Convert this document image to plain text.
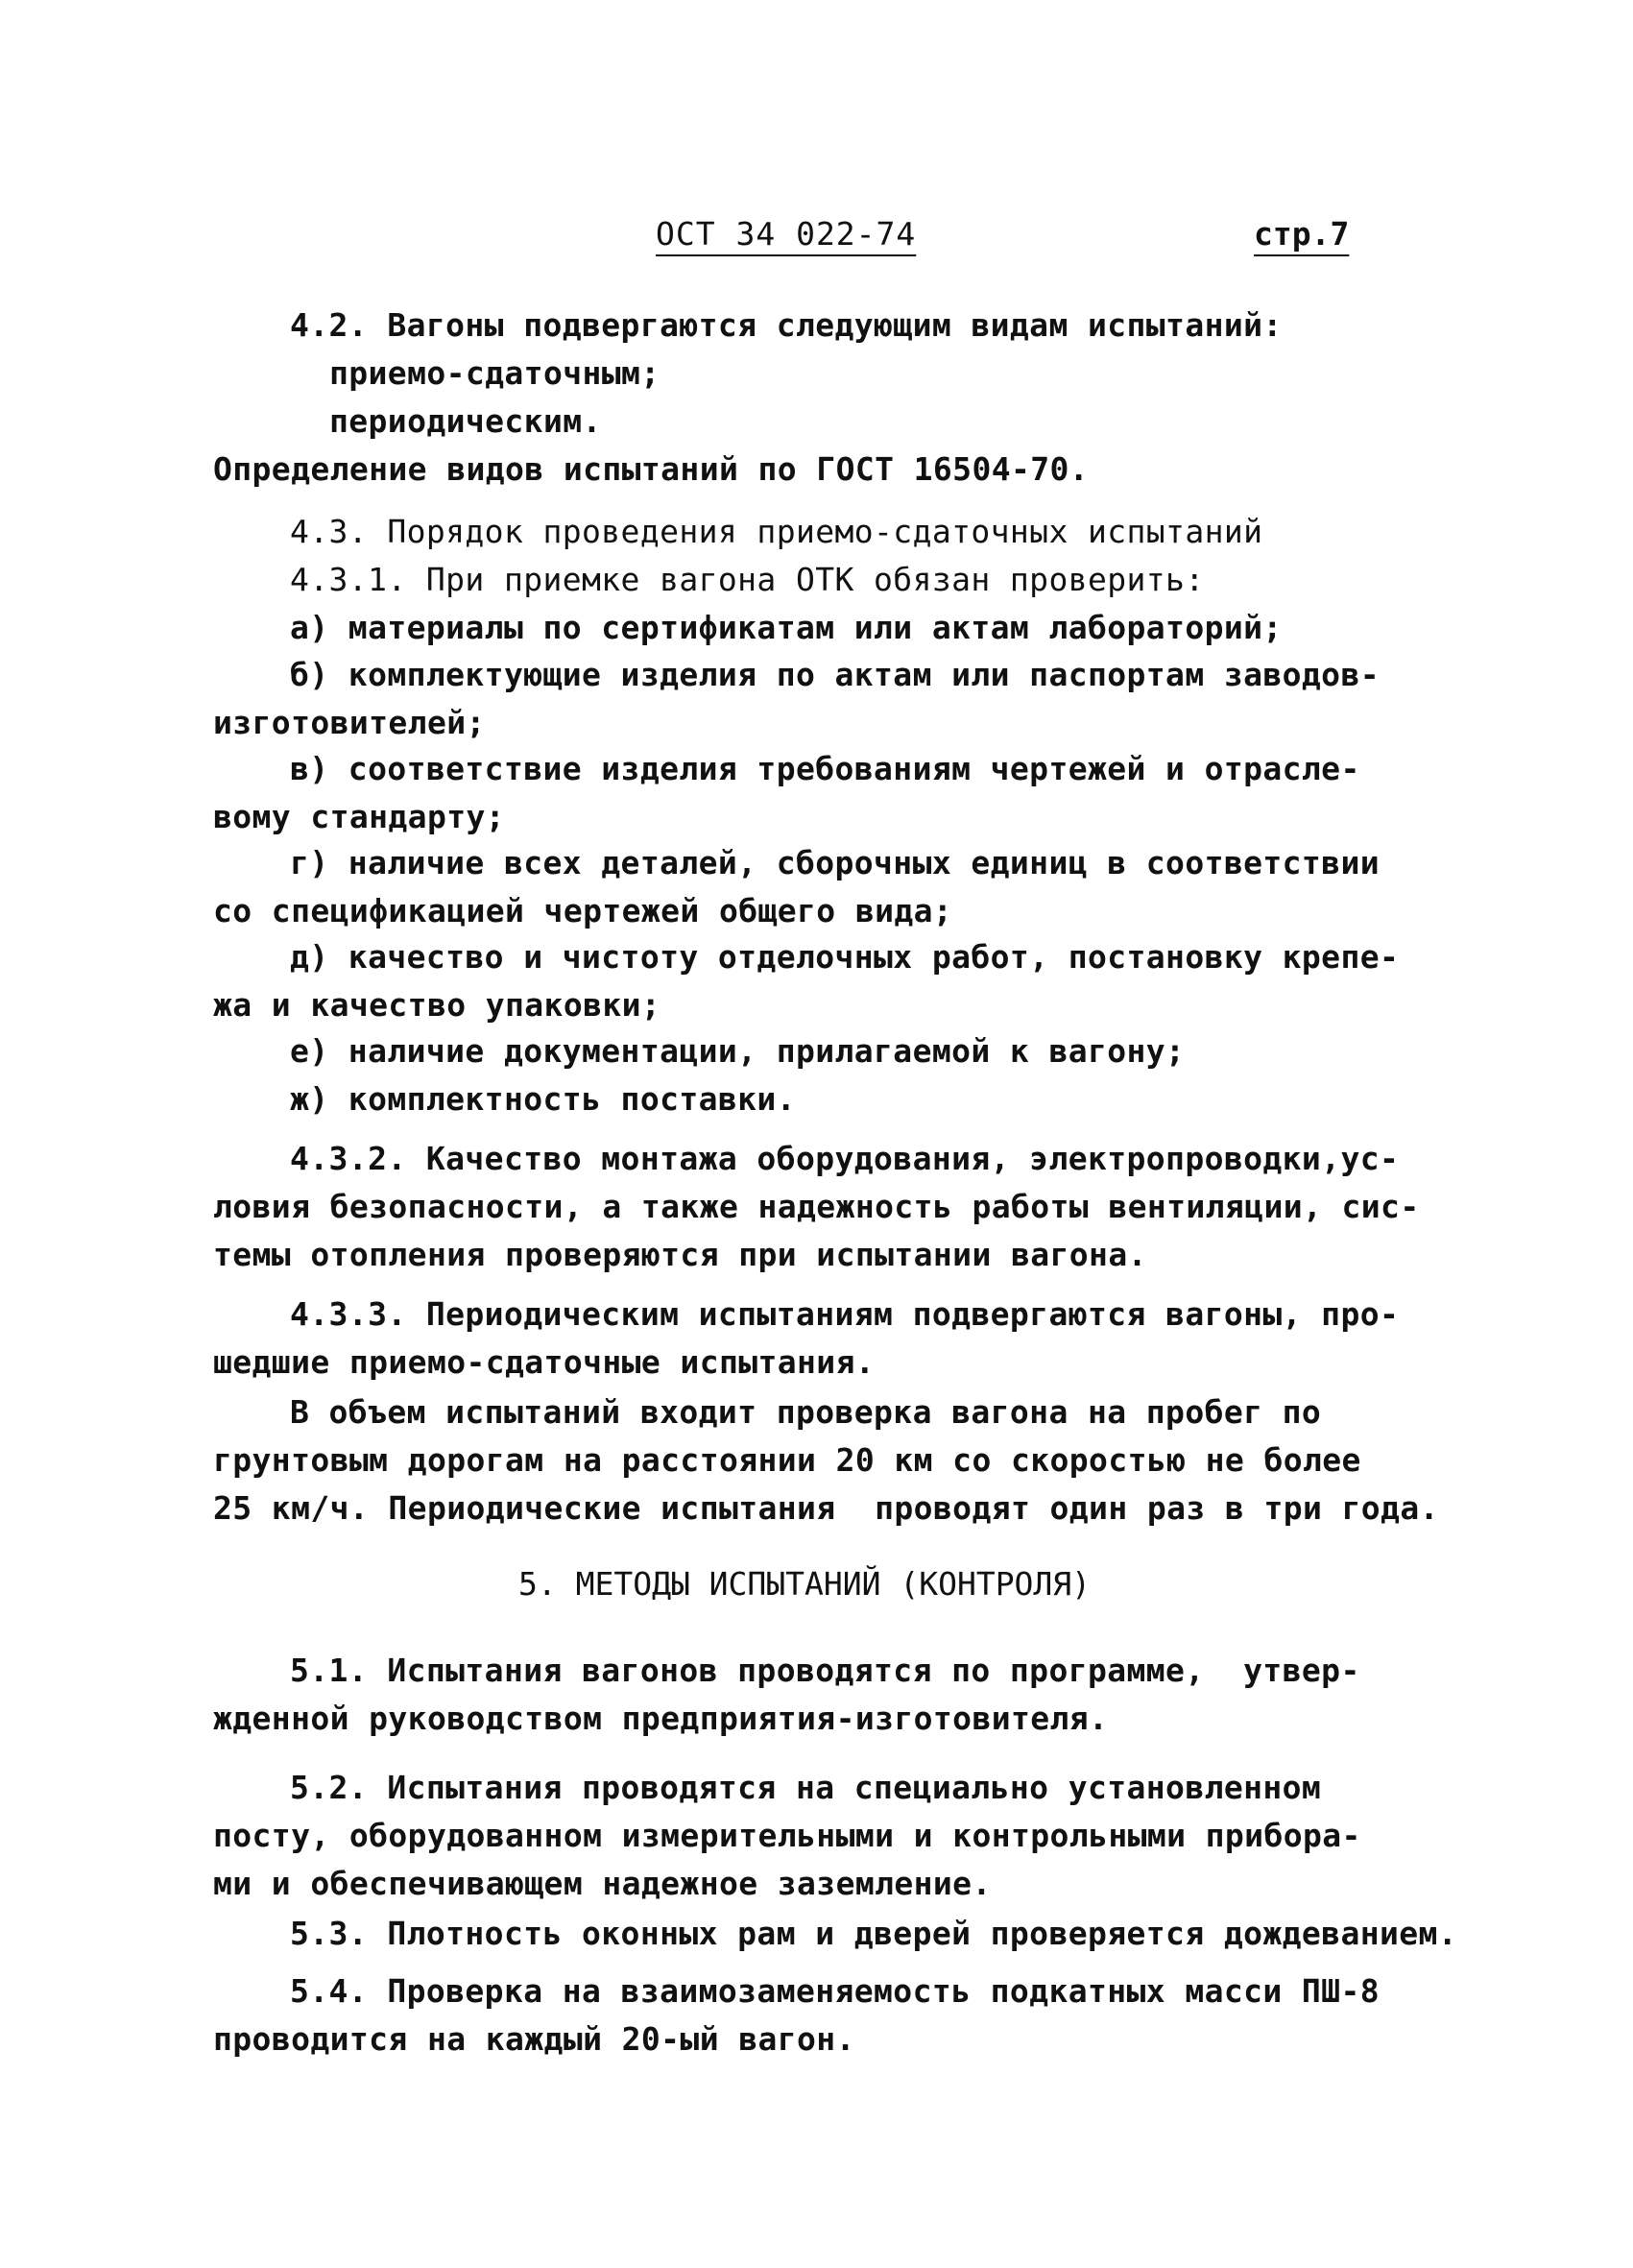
ОСТ 34 022-74	стр.7
4.2. Вагоны подвергаются следующим видам испытаний:
приемо-сдаточным;
периодическим.
Определение видов испытаний по ГОСТ 16504-70.
4.3. Порядок проведения приемо-сдаточных испытаний
4.3.1. При приемке вагона ОТК обязан проверить:
а) материалы по сертификатам или актам лабораторий;
б) комплектующие изделия по актам или паспортам заводов-
изготовителей;
в) соответствие изделия требованиям чертежей и отрасле-
вому стандарту;
г) наличие всех деталей, сборочных единиц в соответствии
со спецификацией чертежей общего вида;
д) качество и чистоту отделочных работ, постановку крепе-
жа и качество упаковки;
е) наличие документации, прилагаемой к вагону;
ж) комплектность поставки.
4.3.2. Качество монтажа оборудования, электропроводки,ус-
ловия безопасности, а также надежность работы вентиляции, сис-
темы отопления проверяются при испытании вагона.
4.3.3. Периодическим испытаниям подвергаются вагоны, про-
шедшие приемо-сдаточные испытания.
В объем испытаний входит проверка вагона на пробег по
грунтовым дорогам на расстоянии 20 км со скоростью не более
25 км/ч. Периодические испытания  проводят один раз в три года.
5. МЕТОДЫ ИСПЫТАНИЙ (КОНТРОЛЯ)
5.1. Испытания вагонов проводятся по программе,  утвер-
жденной руководством предприятия-изготовителя.
5.2. Испытания проводятся на специально установленном
посту, оборудованном измерительными и контрольными прибора-
ми и обеспечивающем надежное заземление.
5.3. Плотность оконных рам и дверей проверяется дождеванием.
5.4. Проверка на взаимозаменяемость подкатных масси ПШ-8
проводится на каждый 20-ый вагон.
